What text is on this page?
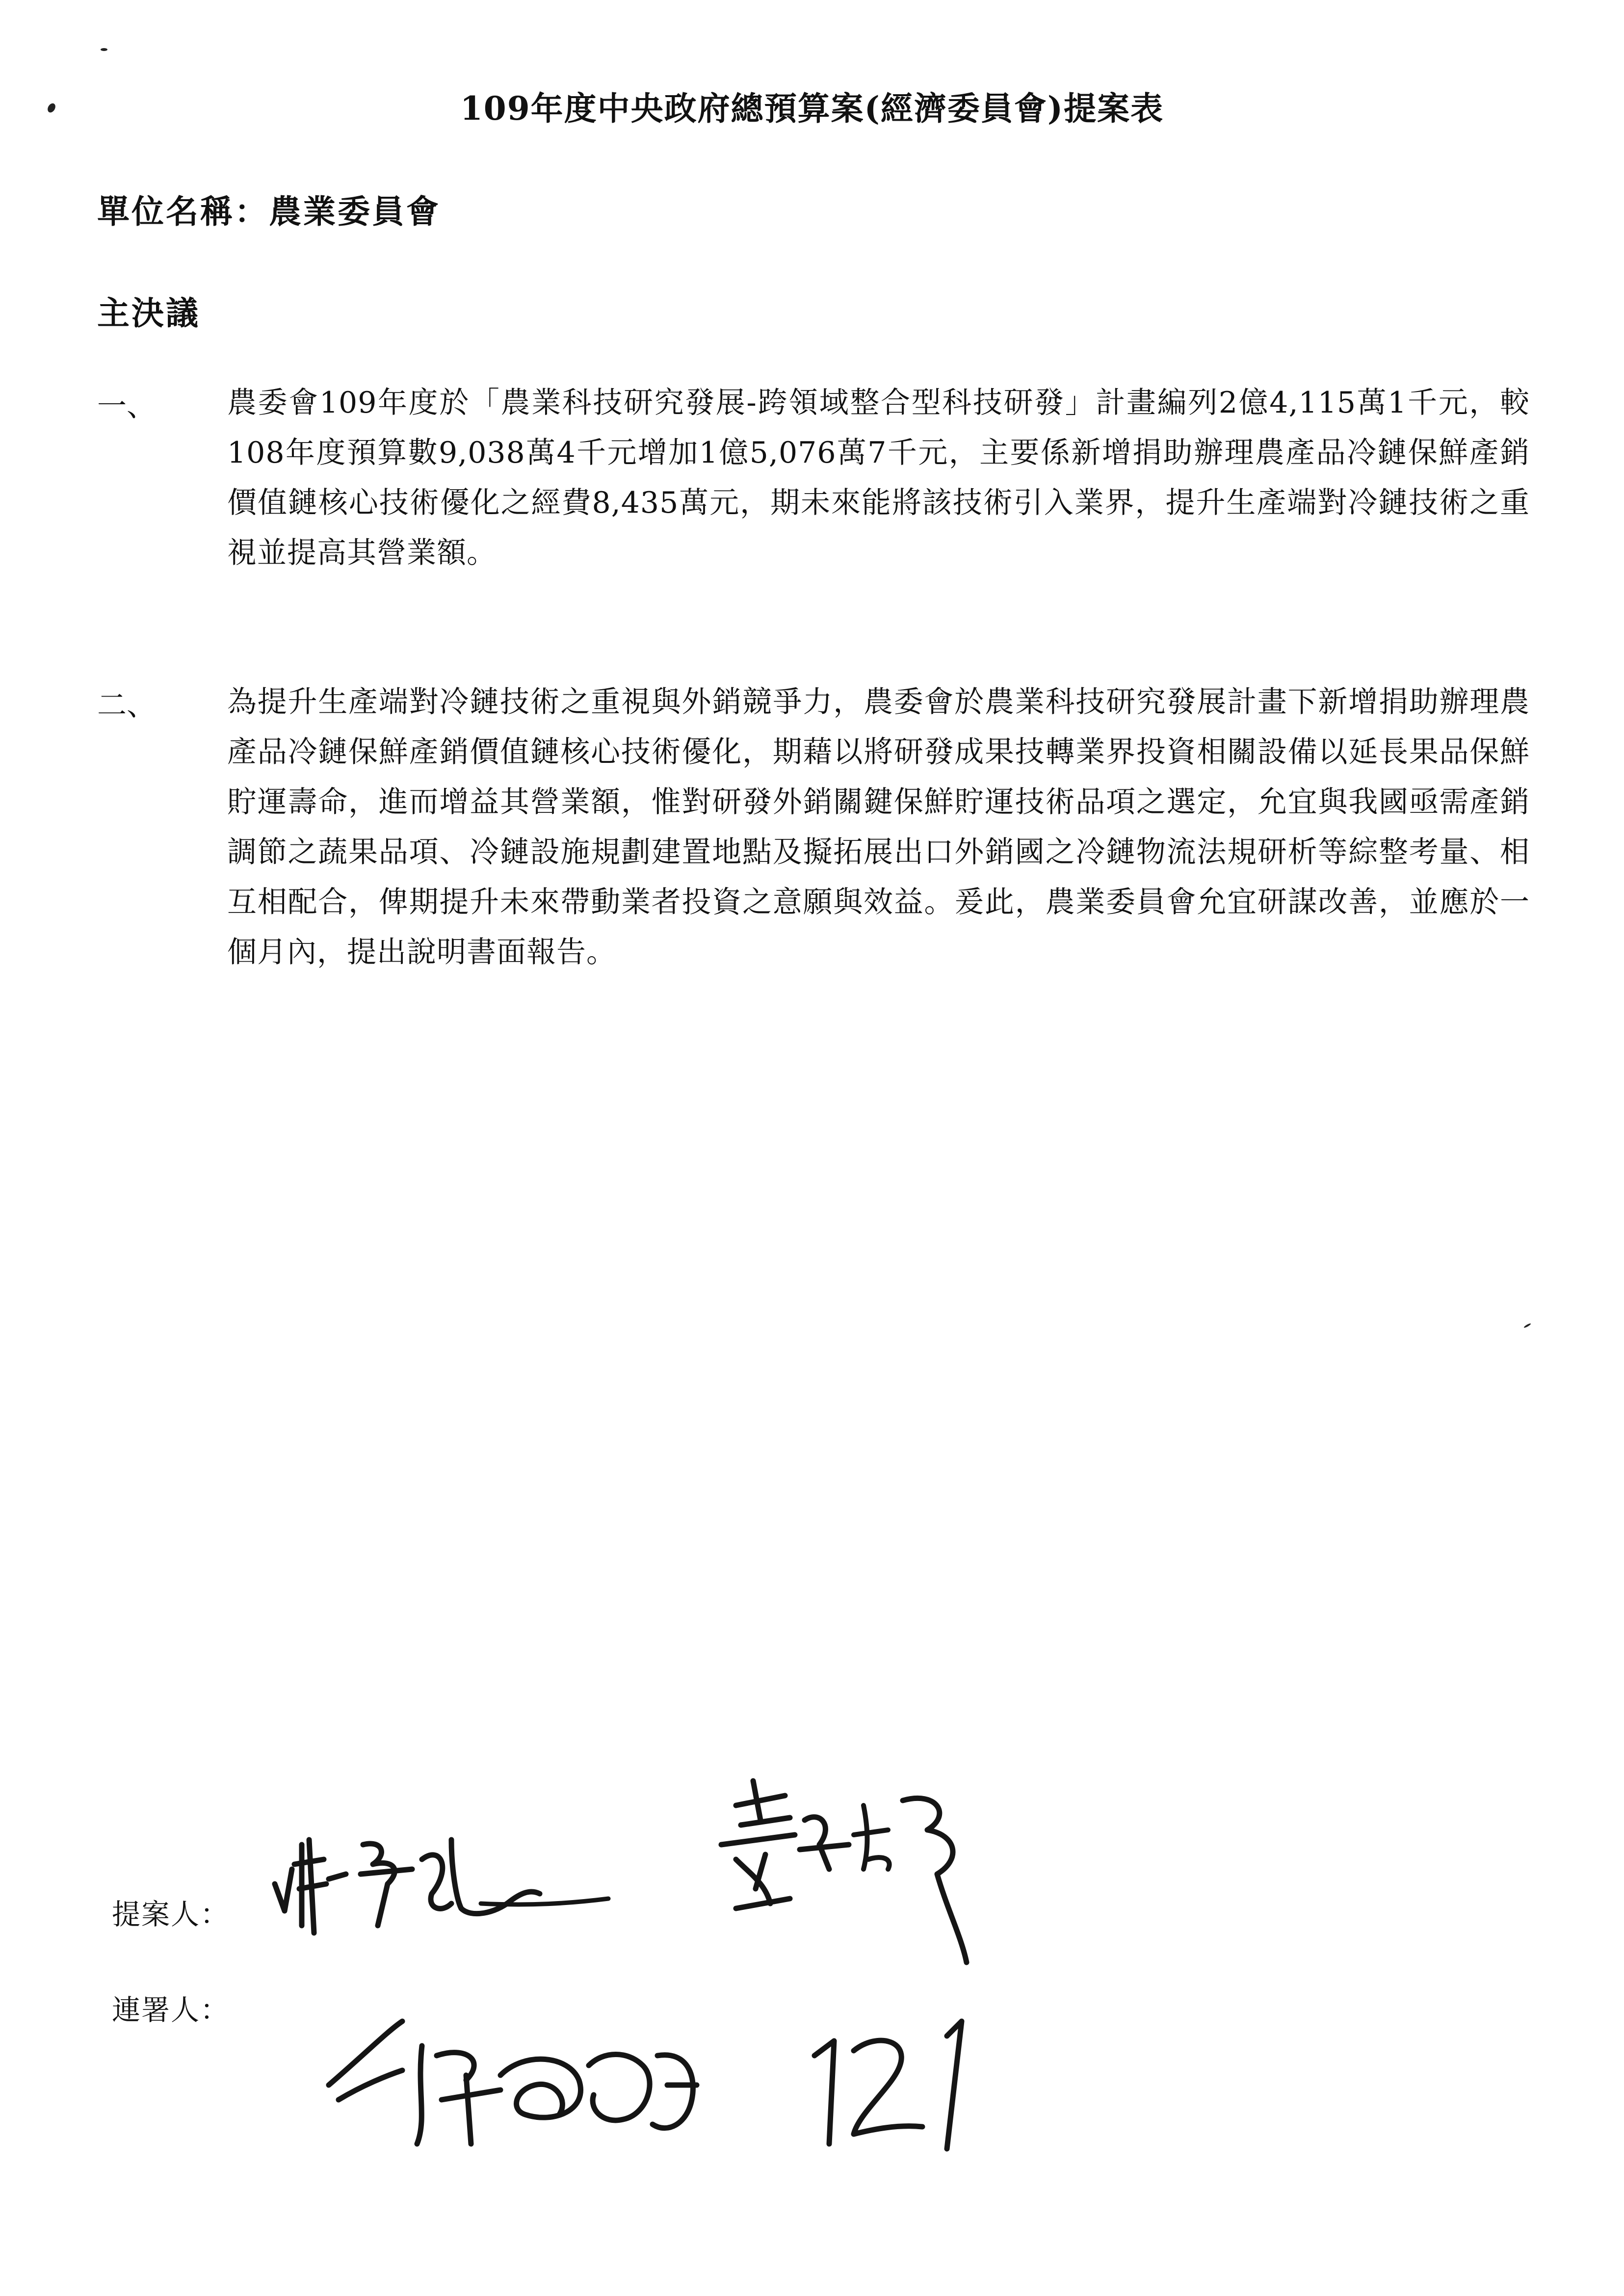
109年度中央政府總預算案(經濟委員會)提案表
單位名稱：農業委員會
主決議
一、 農委會109年度於「農業科技研究發展-跨領域整合型科技研發」計畫編列2億4,115萬1千元，較108年度預算數9,038萬4千元增加1億5,076萬7千元，主要係新增捐助辦理農產品冷鏈保鮮產銷價值鏈核心技術優化之經費8,435萬元，期未來能將該技術引入業界，提升生產端對冷鏈技術之重視並提高其營業額。
二、 為提升生產端對冷鏈技術之重視與外銷競爭力，農委會於農業科技研究發展計畫下新增捐助辦理農產品冷鏈保鮮產銷價值鏈核心技術優化，期藉以將研發成果技轉業界投資相關設備以延長果品保鮮貯運壽命，進而增益其營業額，惟對研發外銷關鍵保鮮貯運技術品項之選定，允宜與我國亟需產銷調節之蔬果品項、冷鏈設施規劃建置地點及擬拓展出口外銷國之冷鏈物流法規研析等綜整考量、相互相配合，俾期提升未來帶動業者投資之意願與效益。爰此，農業委員會允宜研謀改善，並應於一個月內，提出說明書面報告。
提案人：
連署人：
